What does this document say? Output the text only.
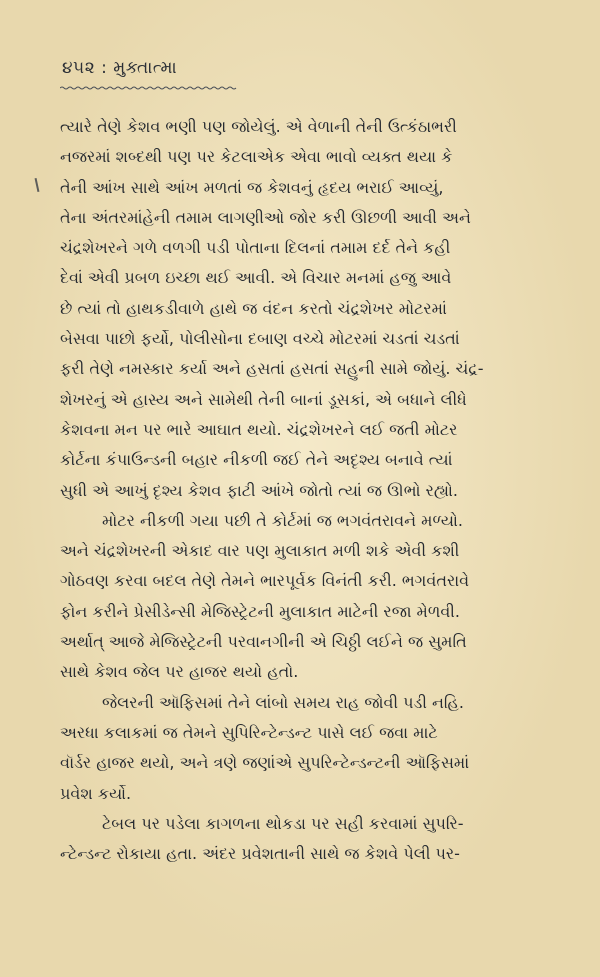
૪૫૨ : મુક્તાત્મા
ત્યારે તેણે કેશવ ભણી પણ જોયેલું. એ વેળાની તેની ઉત્કંઠાભરી
નજરમાં શબ્દથી પણ પર કેટલાએક એવા ભાવો વ્યક્ત થયા કે
તેની આંખ સાથે આંખ મળતાં જ કેશવનું હૃદય ભરાઈ આવ્યું,
તેના અંતરમાંહેની તમામ લાગણીઓ જોર કરી ઊછળી આવી અને
ચંદ્રશેખરને ગળે વળગી પડી પોતાના દિલનાં તમામ દર્દ તેને કહી
દેવાં એવી પ્રબળ ઇચ્છા થઈ આવી. એ વિચાર મનમાં હજુ આવે
છે ત્યાં તો હાથકડીવાળે હાથે જ વંદન કરતો ચંદ્રશેખર મોટરમાં
બેસવા પાછો ફર્યો, પોલીસોના દબાણ વચ્ચે મોટરમાં ચડતાં ચડતાં
ફરી તેણે નમસ્કાર કર્યા અને હસતાં હસતાં સહુની સામે જોયું. ચંદ્ર-
શેખરનું એ હાસ્ય અને સામેથી તેની બાનાં ડૂસકાં, એ બધાને લીધે
કેશવના મન પર ભારે આઘાત થયો. ચંદ્રશેખરને લઈ જતી મોટર
કોર્ટના કંપાઉન્ડની બહાર નીકળી જઈ તેને અદૃશ્ય બનાવે ત્યાં
સુધી એ આખું દૃશ્ય કેશવ ફાટી આંખે જોતો ત્યાં જ ઊભો રહ્યો.
મોટર નીકળી ગયા પછી તે કોર્ટમાં જ ભગવંતરાવને મળ્યો.
અને ચંદ્રશેખરની એકાદ વાર પણ મુલાકાત મળી શકે એવી કશી
ગોઠવણ કરવા બદલ તેણે તેમને ભારપૂર્વક વિનંતી કરી. ભગવંતરાવે
ફોન કરીને પ્રેસીડેન્સી મેજિસ્ટ્રેટની મુલાકાત માટેની રજા મેળવી.
અર્થાત્ આજે મેજિસ્ટ્રેટની પરવાનગીની એ ચિઠ્ઠી લઈને જ સુમતિ
સાથે કેશવ જેલ પર હાજર થયો હતો.
જેલરની ઑફિસમાં તેને લાંબો સમય રાહ જોવી પડી નહિ.
અરધા કલાકમાં જ તેમને સુપિરિન્ટેન્ડન્ટ પાસે લઈ જવા માટે
વૉર્ડર હાજર થયો, અને ત્રણે જણાંએ સુપરિન્ટેન્ડન્ટની ઑફિસમાં
પ્રવેશ કર્યો.
ટેબલ પર પડેલા કાગળના થોકડા પર સહી કરવામાં સુપરિ-
ન્ટેન્ડન્ટ રોકાયા હતા. અંદર પ્રવેશતાની સાથે જ કેશવે પેલી પર-
